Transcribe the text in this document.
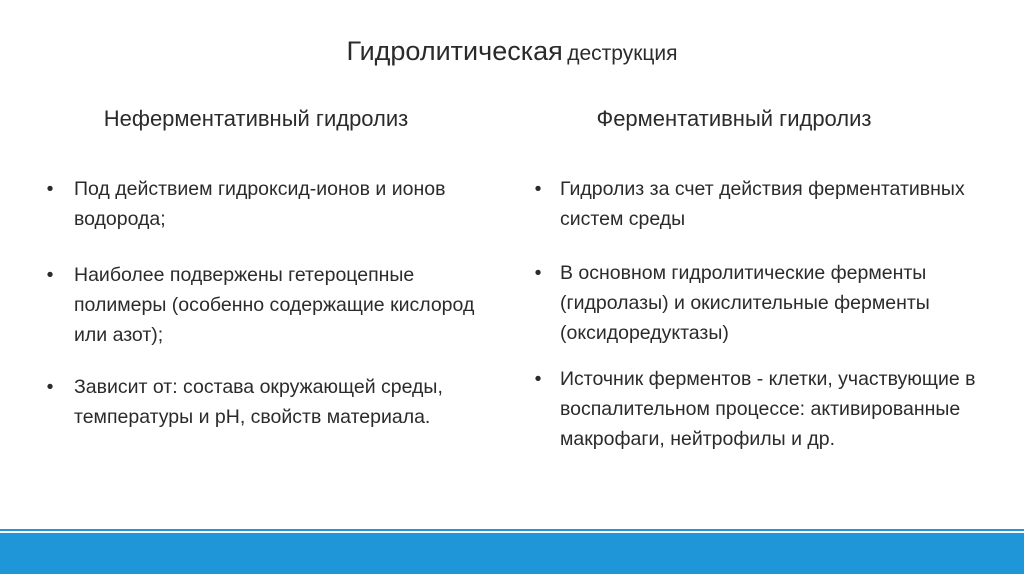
Гидролитическая деструкция
Неферментативный гидролиз
•	Под действием гидроксид-ионов и ионов водорода;
•	Наиболее подвержены гетероцепные полимеры (особенно содержащие кислород или азот);
•	Зависит от: состава окружающей среды, температуры и рН, свойств материала.
Ферментативный гидролиз
• Гидролиз за счет действия ферментативных систем среды
• В основном гидролитические ферменты (гидролазы) и окислительные ферменты (оксидоредуктазы)
• Источник ферментов - клетки, участвующие в воспалительном процессе: активированные макрофаги, нейтрофилы и др.
